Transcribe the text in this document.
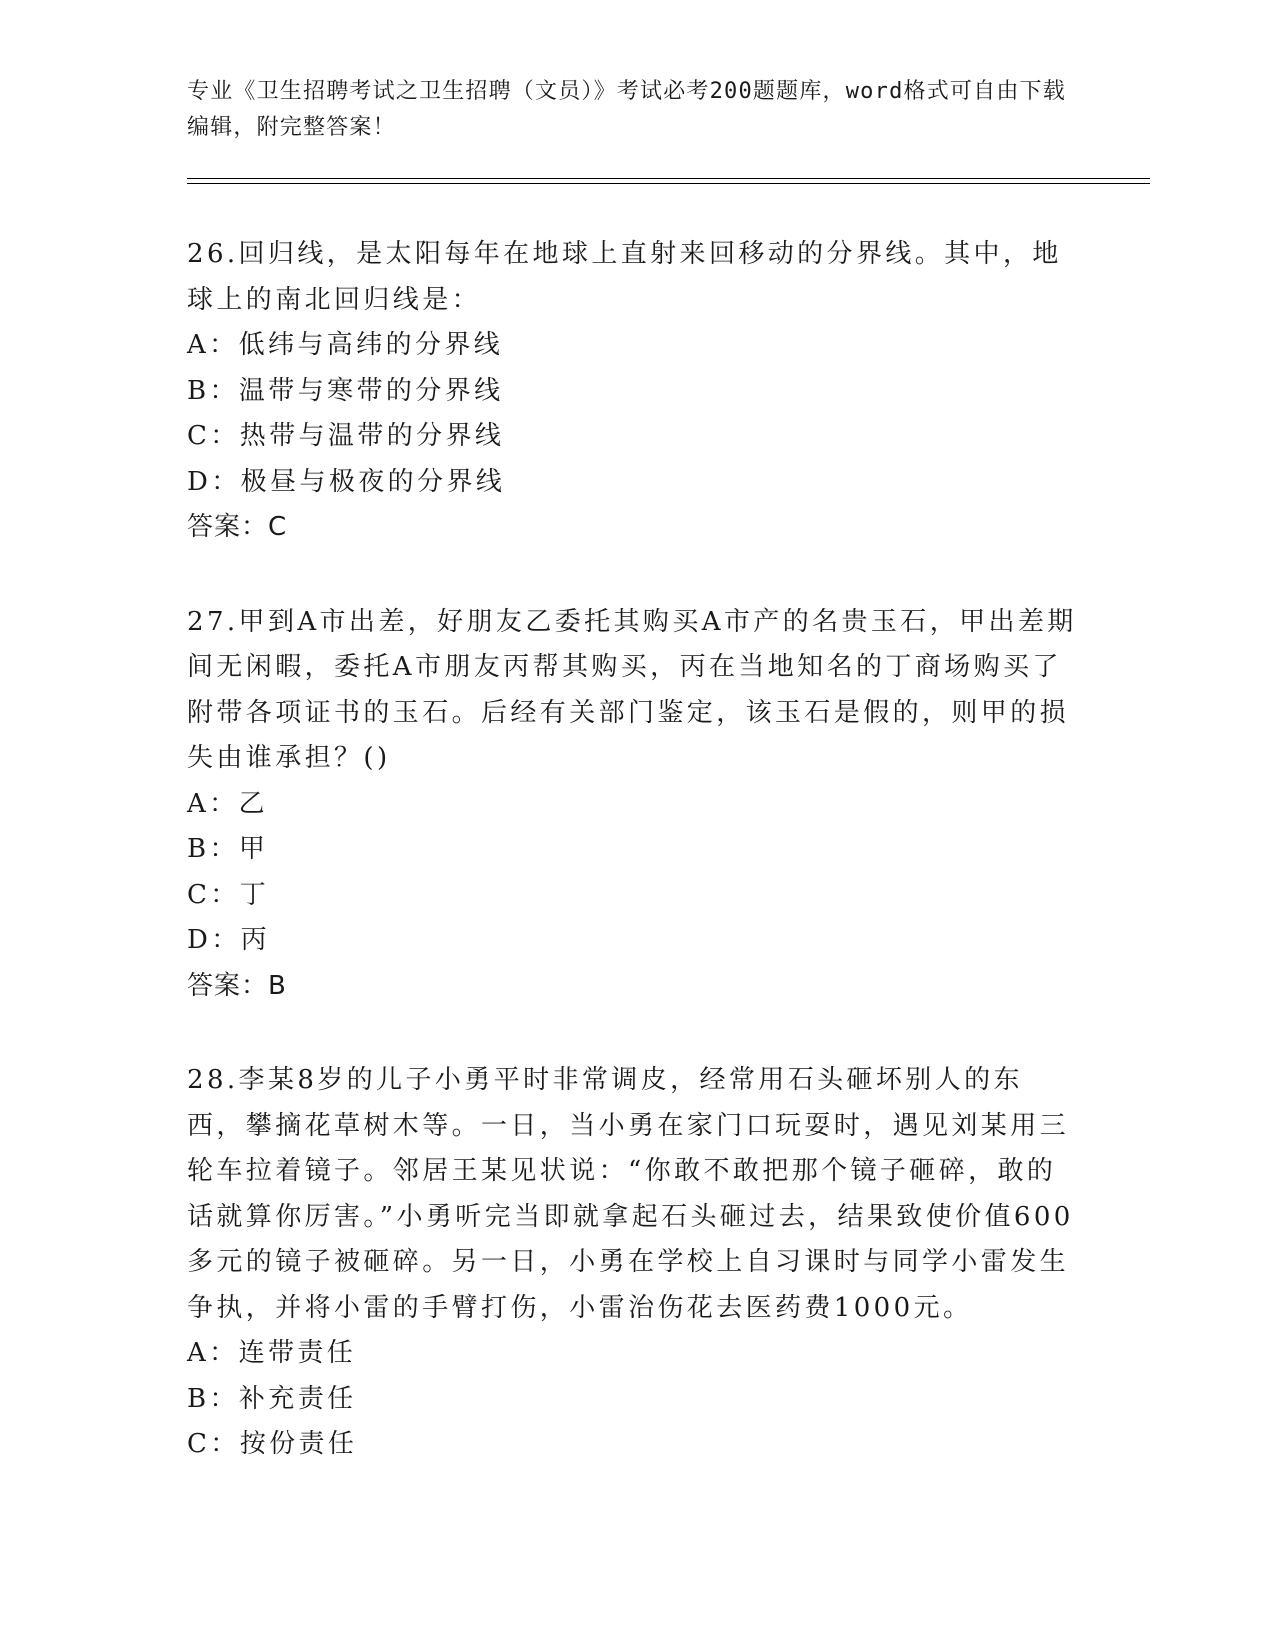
专业《卫生招聘考试之卫生招聘（文员）》考试必考200题题库，word格式可自由下载编辑，附完整答案！

26.回归线，是太阳每年在地球上直射来回移动的分界线。其中，地球上的南北回归线是：

A：低纬与高纬的分界线

B：温带与寒带的分界线

C：热带与温带的分界线

D：极昼与极夜的分界线

答案：C

27.甲到A市出差，好朋友乙委托其购买A市产的名贵玉石，甲出差期间无闲暇，委托A市朋友丙帮其购买，丙在当地知名的丁商场购买了附带各项证书的玉石。后经有关部门鉴定，该玉石是假的，则甲的损失由谁承担？()

A：乙

B：甲

C：丁

D：丙

答案：B

28.李某8岁的儿子小勇平时非常调皮，经常用石头砸坏别人的东西，攀摘花草树木等。一日，当小勇在家门口玩耍时，遇见刘某用三轮车拉着镜子。邻居王某见状说：“你敢不敢把那个镜子砸碎，敢的话就算你厉害。”小勇听完当即就拿起石头砸过去，结果致使价值600多元的镜子被砸碎。另一日，小勇在学校上自习课时与同学小雷发生争执，并将小雷的手臂打伤，小雷治伤花去医药费1000元。

A：连带责任

B：补充责任

C：按份责任
